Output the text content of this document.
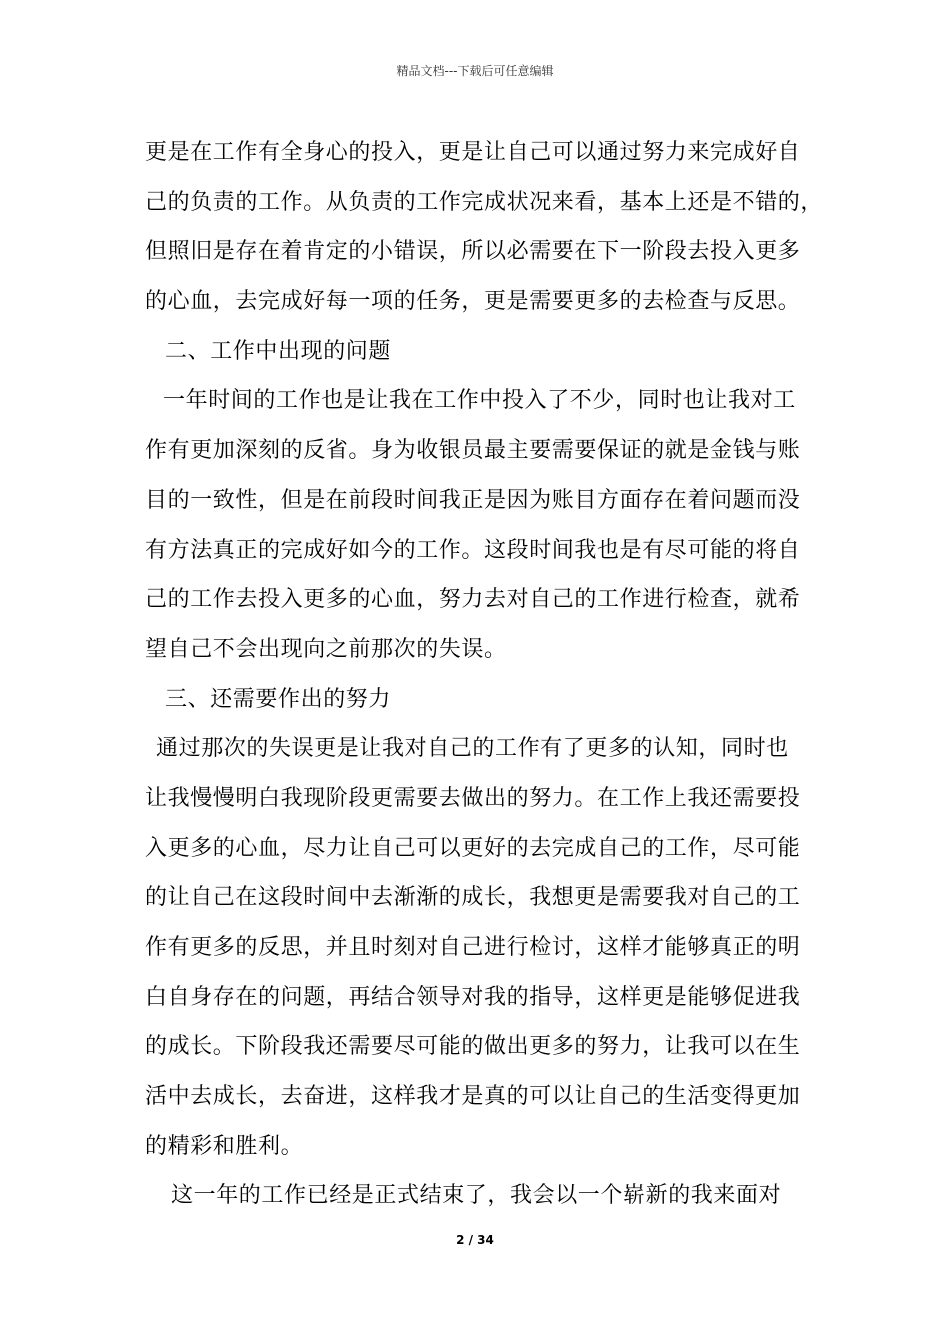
精品文档---下载后可任意编辑
更是在工作有全身心的投入，更是让自己可以通过努力来完成好自
己的负责的工作。从负责的工作完成状况来看，基本上还是不错的，
但照旧是存在着肯定的小错误，所以必需要在下一阶段去投入更多
的心血，去完成好每一项的任务，更是需要更多的去检查与反思。
二、工作中出现的问题
一年时间的工作也是让我在工作中投入了不少，同时也让我对工
作有更加深刻的反省。身为收银员最主要需要保证的就是金钱与账
目的一致性，但是在前段时间我正是因为账目方面存在着问题而没
有方法真正的完成好如今的工作。这段时间我也是有尽可能的将自
己的工作去投入更多的心血，努力去对自己的工作进行检查，就希
望自己不会出现向之前那次的失误。
三、还需要作出的努力
通过那次的失误更是让我对自己的工作有了更多的认知，同时也
让我慢慢明白我现阶段更需要去做出的努力。在工作上我还需要投
入更多的心血，尽力让自己可以更好的去完成自己的工作，尽可能
的让自己在这段时间中去渐渐的成长，我想更是需要我对自己的工
作有更多的反思，并且时刻对自己进行检讨，这样才能够真正的明
白自身存在的问题，再结合领导对我的指导，这样更是能够促进我
的成长。下阶段我还需要尽可能的做出更多的努力，让我可以在生
活中去成长，去奋进，这样我才是真的可以让自己的生活变得更加
的精彩和胜利。
这一年的工作已经是正式结束了，我会以一个崭新的我来面对
2 / 34
